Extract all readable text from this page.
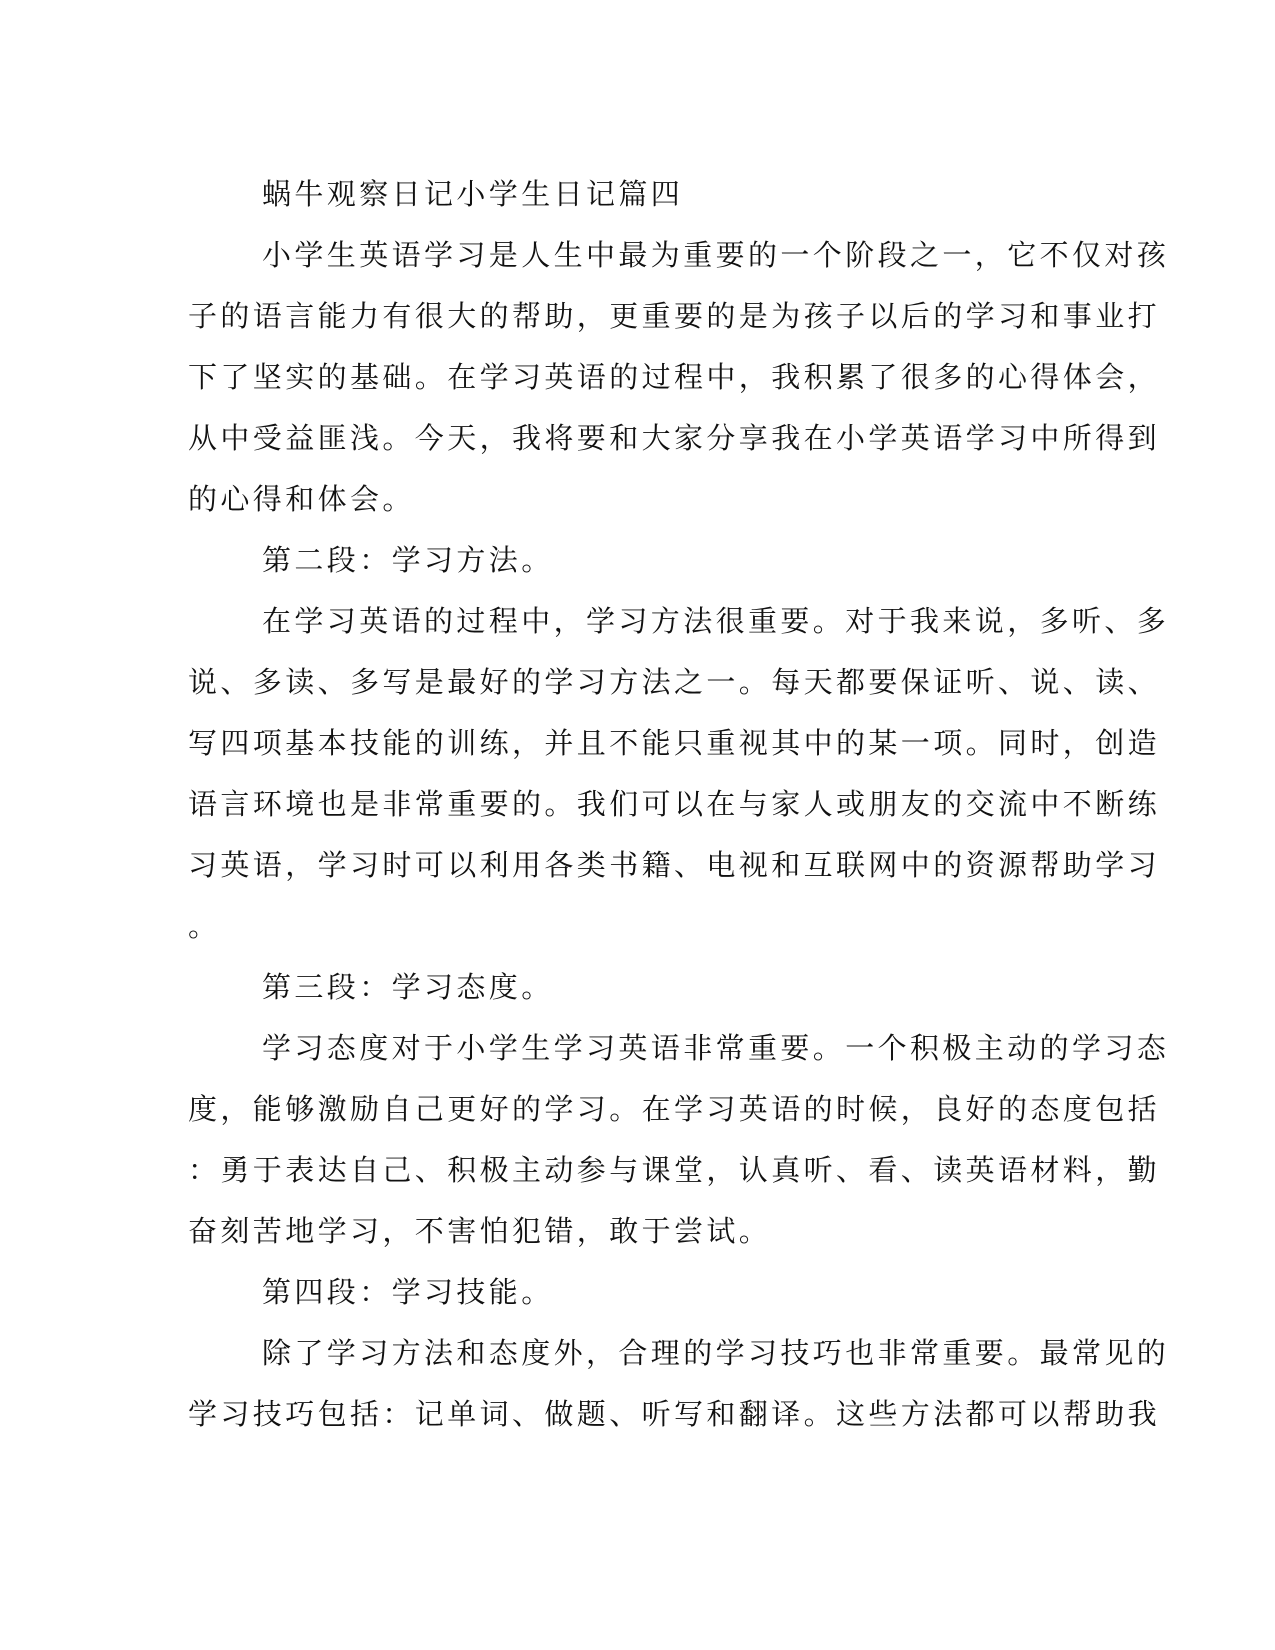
蜗牛观察日记小学生日记篇四
小学生英语学习是人生中最为重要的一个阶段之一，它不仅对孩
子的语言能力有很大的帮助，更重要的是为孩子以后的学习和事业打
下了坚实的基础。在学习英语的过程中，我积累了很多的心得体会，
从中受益匪浅。今天，我将要和大家分享我在小学英语学习中所得到
的心得和体会。
第二段：学习方法。
在学习英语的过程中，学习方法很重要。对于我来说，多听、多
说、多读、多写是最好的学习方法之一。每天都要保证听、说、读、
写四项基本技能的训练，并且不能只重视其中的某一项。同时，创造
语言环境也是非常重要的。我们可以在与家人或朋友的交流中不断练
习英语，学习时可以利用各类书籍、电视和互联网中的资源帮助学习
。
第三段：学习态度。
学习态度对于小学生学习英语非常重要。一个积极主动的学习态
度，能够激励自己更好的学习。在学习英语的时候，良好的态度包括
：勇于表达自己、积极主动参与课堂，认真听、看、读英语材料，勤
奋刻苦地学习，不害怕犯错，敢于尝试。
第四段：学习技能。
除了学习方法和态度外，合理的学习技巧也非常重要。最常见的
学习技巧包括：记单词、做题、听写和翻译。这些方法都可以帮助我
